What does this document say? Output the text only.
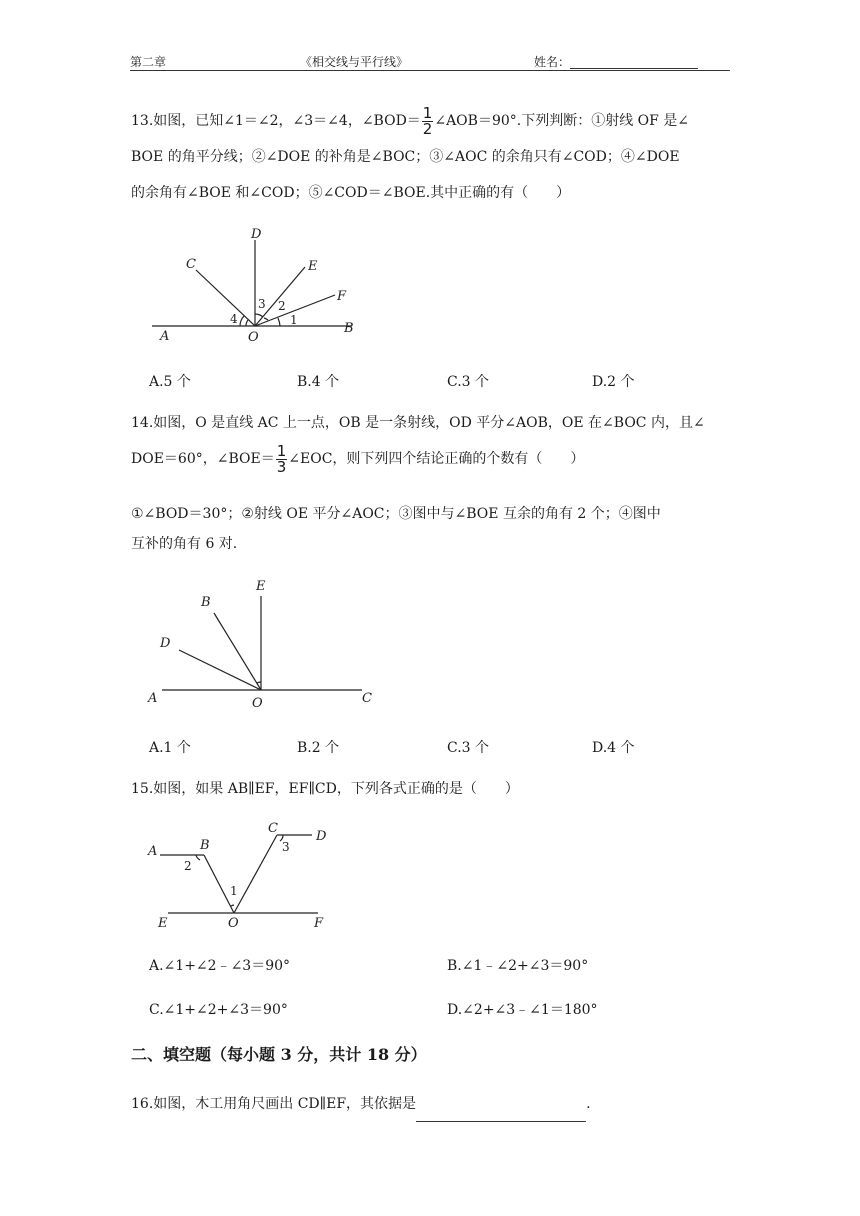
第二章	《相交线与平行线》	姓名：
13.如图，已知∠1＝∠2，∠3＝∠4，∠BOD＝ $\frac{1}{2}$ ∠AOB＝90°.下列判断：①射线 OF 是∠
BOE 的角平分线；②∠DOE 的补角是∠BOC；③∠AOC 的余角只有∠COD；④∠DOE
的余角有∠BOE 和∠COD；⑤∠COD＝∠BOE.其中正确的有（　　）
C
D
E
F
B
A	O
1
2
3
4
A.5 个	B.4 个	C.3 个	D.2 个
14.如图，O 是直线 AC 上一点，OB 是一条射线，OD 平分∠AOB，OE 在∠BOC 内，且∠
DOE＝60°，∠BOE＝ $\frac{1}{3}$ ∠EOC，则下列四个结论正确的个数有（　　）
①∠BOD＝30°；②射线 OE 平分∠AOC；③图中与∠BOE 互余的角有 2 个；④图中
互补的角有 6 对.
E
B
D
A	O	C
A.1 个	B.2 个	C.3 个	D.4 个
15.如图，如果 AB∥EF，EF∥CD，下列各式正确的是（　　）
A	B
C
D
E	O	F
1
2
3
A.∠1+∠2﹣∠3＝90°	B.∠1﹣∠2+∠3＝90°
C.∠1+∠2+∠3＝90°	D.∠2+∠3﹣∠1＝180°
二、填空题（每小题 3 分，共计 18 分）
16.如图，木工用角尺画出 CD∥EF，其依据是	.
